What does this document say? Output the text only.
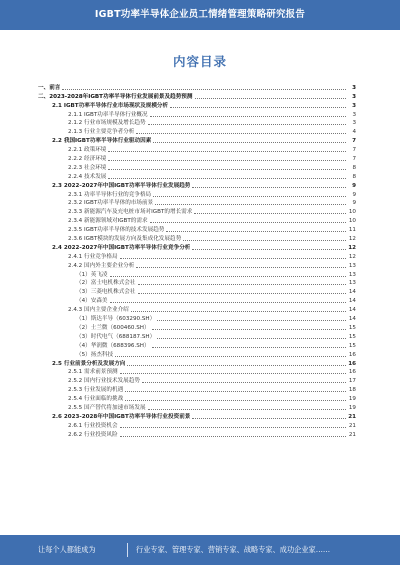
IGBT功率半导体企业员工情绪管理策略研究报告
内容目录
一、前言	3
二、2023-2028年IGBT功率半导体行业发展前景及趋势预测	3
2.1 IGBT功率半导体行业市场现状及规模分析	3
2.1.1 IGBT功率半导体行业概况	3
2.1.2 行业市场规模及增长趋势	3
2.1.3 行业主要竞争者分析	4
2.2 我国IGBT功率半导体行业驱动因素	7
2.2.1 政策环境	7
2.2.2 经济环境	7
2.2.3 社会环境	8
2.2.4 技术发展	8
2.3 2022-2027年中国IGBT功率半导体行业发展趋势	9
2.3.1 功率半导体行业的竞争格局	9
2.3.2 IGBT功率半导体的市场前景	9
2.3.3 新能源汽车及充电桩市场对IGBT的增长需求	10
2.3.4 新能源领域对IGBT的需求	10
2.3.5 IGBT功率半导体的技术发展趋势	11
2.3.6 IGBT模块的发展方向及集成化发展趋势	12
2.4 2022-2027年中国IGBT功率半导体行业竞争分析	12
2.4.1 行业竞争格局	12
2.4.2 国内外主要企业分析	13
（1）英飞凌	13
（2）富士电机株式会社	13
（3）三菱电机株式会社	14
（4）安森美	14
2.4.3 国内主要企业介绍	14
（1）斯达半导（603290.SH）	14
（2）士兰微（600460.SH）	15
（3）时代电气（688187.SH）	15
（4）华润微（688396.SH）	15
（5）扬杰科技	16
2.5 行业前景分析及发展方向	16
2.5.1 需求前景预测	16
2.5.2 国内行业技术发展趋势	17
2.5.3 行业发展的机遇	18
2.5.4 行业面临的挑战	19
2.5.5 国产替代将加速市场发展	19
2.6 2023-2028年中国IGBT功率半导体行业投资前景	21
2.6.1 行业投资机会	21
2.6.2 行业投资风险	21
让每个人都能成为	行业专家、管理专家、营销专家、战略专家、成功企业家……
